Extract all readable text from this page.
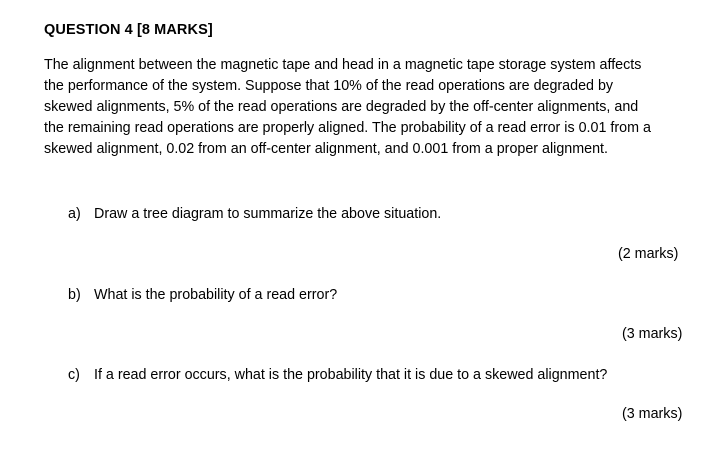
QUESTION 4 [8 MARKS]
The alignment between the magnetic tape and head in a magnetic tape storage system affects
the performance of the system. Suppose that 10% of the read operations are degraded by
skewed alignments, 5% of the read operations are degraded by the off-center alignments, and
the remaining read operations are properly aligned. The probability of a read error is 0.01 from a
skewed alignment, 0.02 from an off-center alignment, and 0.001 from a proper alignment.
a) Draw a tree diagram to summarize the above situation.
(2 marks)
b) What is the probability of a read error?
(3 marks)
c) If a read error occurs, what is the probability that it is due to a skewed alignment?
(3 marks)
